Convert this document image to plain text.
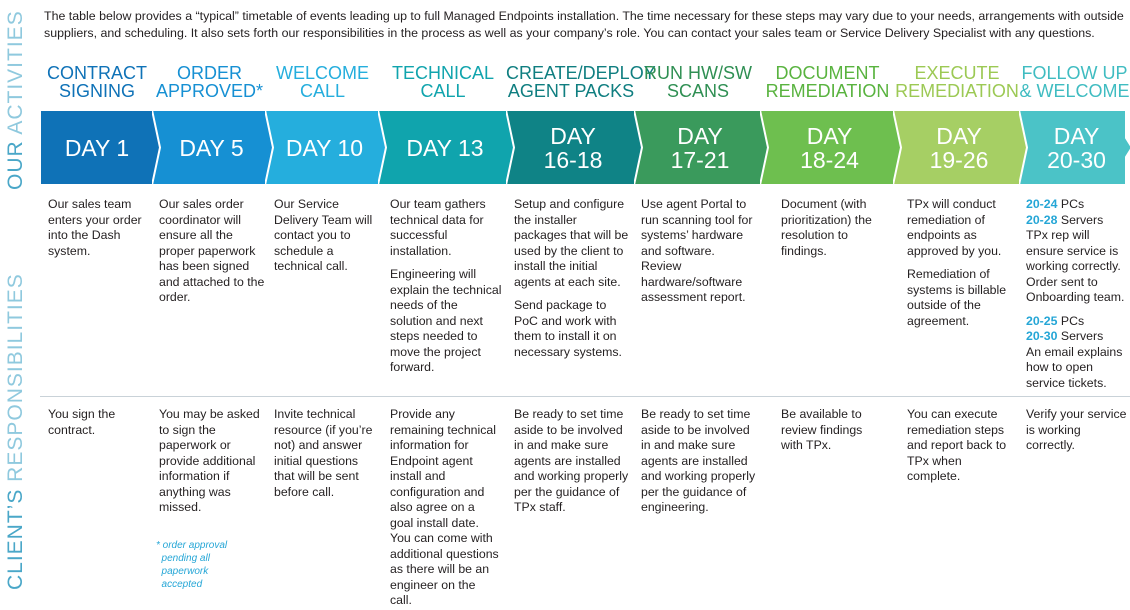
The table below provides a “typical” timetable of events leading up to full Managed Endpoints installation. The time necessary for these steps may vary due to your needs, arrangements with outside suppliers, and scheduling. It also sets forth our responsibilities in the process as well as your company’s role. You can contact your sales team or Service Delivery Specialist with any questions.
OUR ACTIVITIES
CLIENT’S RESPONSIBILITIES
CONTRACT
SIGNING
DAY 1
ORDER
APPROVED*
DAY 5
WELCOME
CALL
DAY 10
TECHNICAL
CALL
DAY 13
CREATE/DEPLOY
AGENT PACKS
DAY
16-18
RUN HW/SW
SCANS
DAY
17-21
DOCUMENT
REMEDIATION
DAY
18-24
EXECUTE
REMEDIATION
DAY
19-26
FOLLOW UP
& WELCOME
DAY
20-30
* order approval
pending all
paperwork
accepted

Our sales team enters your order into the Dash system.

You sign the contract.

Our sales order coordinator will ensure all the proper paperwork has been signed and attached to the order.

You may be asked to sign the paperwork or provide additional information if anything was missed.

Our Service Delivery Team will contact you to schedule a technical call.

Invite technical resource (if you’re not) and answer initial questions that will be sent before call.

Our team gathers technical data for successful installation.

Engineering will explain the technical needs of the solution and next steps needed to move the project forward.

Provide any remaining technical information for Endpoint agent install and configuration and also agree on a goal install date. You can come with additional questions as there will be an engineer on the call.

Setup and configure the installer packages that will be used by the client to install the initial agents at each site.

Send package to PoC and work with them to install it on necessary systems.

Be ready to set time aside to be involved in and make sure agents are installed and working properly per the guidance of TPx staff.

Use agent Portal to run scanning tool for systems’ hardware and software. Review hardware/software assessment report.

Be ready to set time aside to be involved in and make sure agents are installed and working properly per the guidance of engineering.

Document (with prioritization) the resolution to findings.

Be available to review findings with TPx.

TPx will conduct remediation of endpoints as approved by you.

Remediation of systems is billable outside of the agreement.

You can execute remediation steps and report back to TPx when complete.
20-24 PCs
20-28 Servers

TPx rep will ensure service is working correctly. Order sent to Onboarding team.

20-25 PCs
20-30 Servers

An email explains how to open service tickets.

Verify your service is working correctly.
